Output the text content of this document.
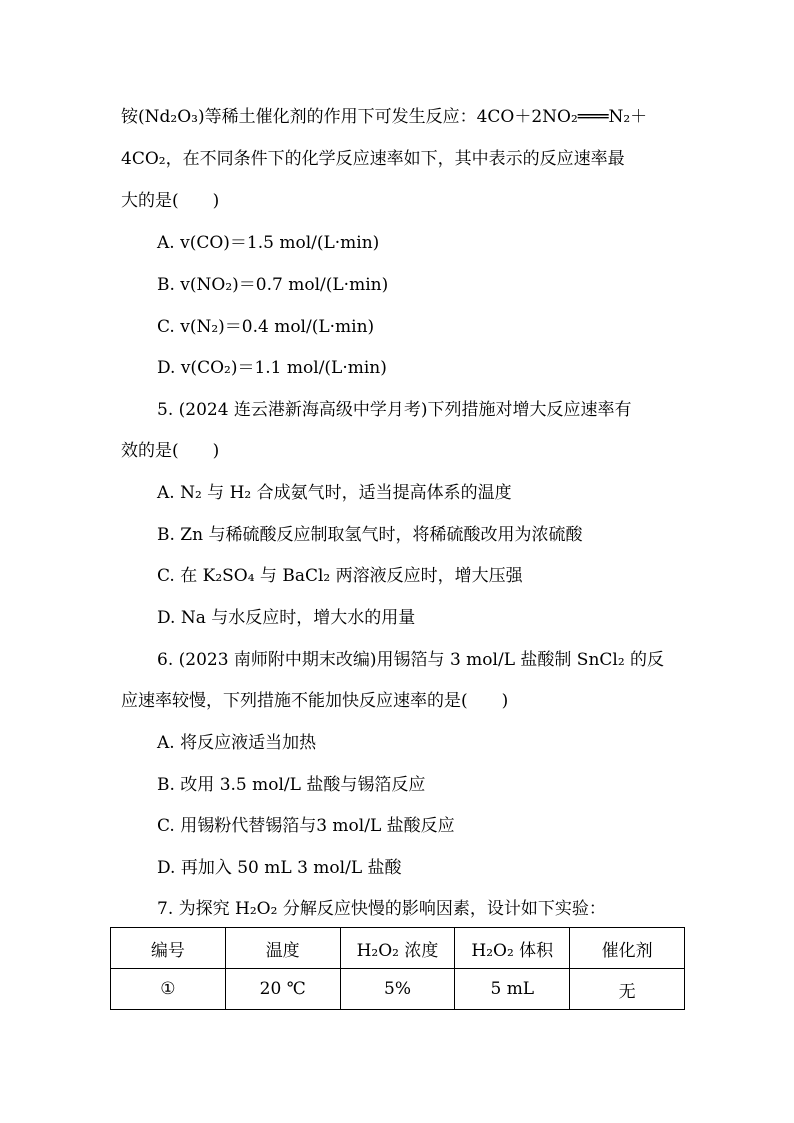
铵(Nd₂O₃)等稀土催化剂的作用下可发生反应：4CO＋2NO₂═══N₂＋
4CO₂，在不同条件下的化学反应速率如下，其中表示的反应速率最
大的是(　　)
A. v(CO)＝1.5 mol/(L·min)
B. v(NO₂)＝0.7 mol/(L·min)
C. v(N₂)＝0.4 mol/(L·min)
D. v(CO₂)＝1.1 mol/(L·min)
5. (2024 连云港新海高级中学月考)下列措施对增大反应速率有
效的是(　　)
A. N₂ 与 H₂ 合成氨气时，适当提高体系的温度
B. Zn 与稀硫酸反应制取氢气时，将稀硫酸改用为浓硫酸
C. 在 K₂SO₄ 与 BaCl₂ 两溶液反应时，增大压强
D. Na 与水反应时，增大水的用量
6. (2023 南师附中期末改编)用锡箔与 3 mol/L 盐酸制 SnCl₂ 的反
应速率较慢，下列措施不能加快反应速率的是(　　)
A. 将反应液适当加热
B. 改用 3.5 mol/L 盐酸与锡箔反应
C. 用锡粉代替锡箔与3 mol/L 盐酸反应
D. 再加入 50 mL 3 mol/L 盐酸
7. 为探究 H₂O₂ 分解反应快慢的影响因素，设计如下实验：
编号	温度	H₂O₂ 浓度	H₂O₂ 体积	催化剂
①	20 ℃	5%	5 mL	无
